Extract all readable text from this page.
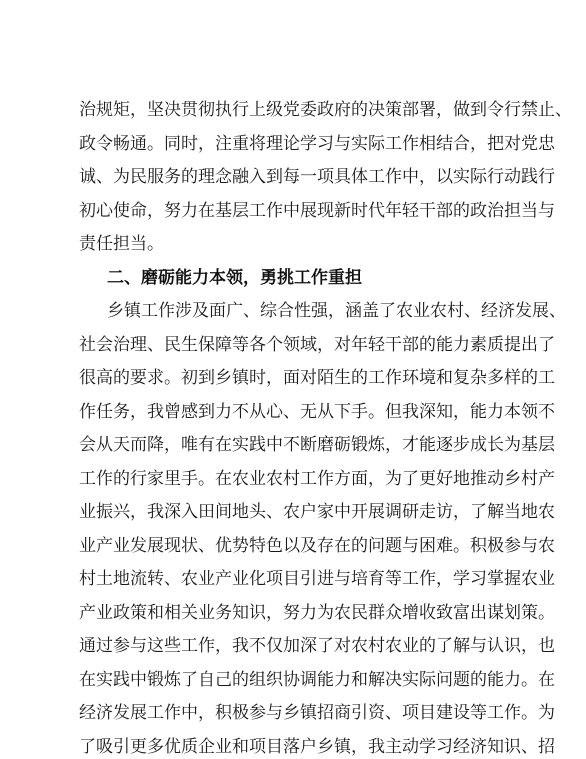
治规矩，坚决贯彻执行上级党委政府的决策部署，做到令行禁止、
政令畅通。同时，注重将理论学习与实际工作相结合，把对党忠
诚、为民服务的理念融入到每一项具体工作中，以实际行动践行
初心使命，努力在基层工作中展现新时代年轻干部的政治担当与
责任担当。
二、磨砺能力本领，勇挑工作重担
乡镇工作涉及面广、综合性强，涵盖了农业农村、经济发展、
社会治理、民生保障等各个领域，对年轻干部的能力素质提出了
很高的要求。初到乡镇时，面对陌生的工作环境和复杂多样的工
作任务，我曾感到力不从心、无从下手。但我深知，能力本领不
会从天而降，唯有在实践中不断磨砺锻炼，才能逐步成长为基层
工作的行家里手。在农业农村工作方面，为了更好地推动乡村产
业振兴，我深入田间地头、农户家中开展调研走访，了解当地农
业产业发展现状、优势特色以及存在的问题与困难。积极参与农
村土地流转、农业产业化项目引进与培育等工作，学习掌握农业
产业政策和相关业务知识，努力为农民群众增收致富出谋划策。
通过参与这些工作，我不仅加深了对农村农业的了解与认识，也
在实践中锻炼了自己的组织协调能力和解决实际问题的能力。在
经济发展工作中，积极参与乡镇招商引资、项目建设等工作。为
了吸引更多优质企业和项目落户乡镇，我主动学习经济知识、招
